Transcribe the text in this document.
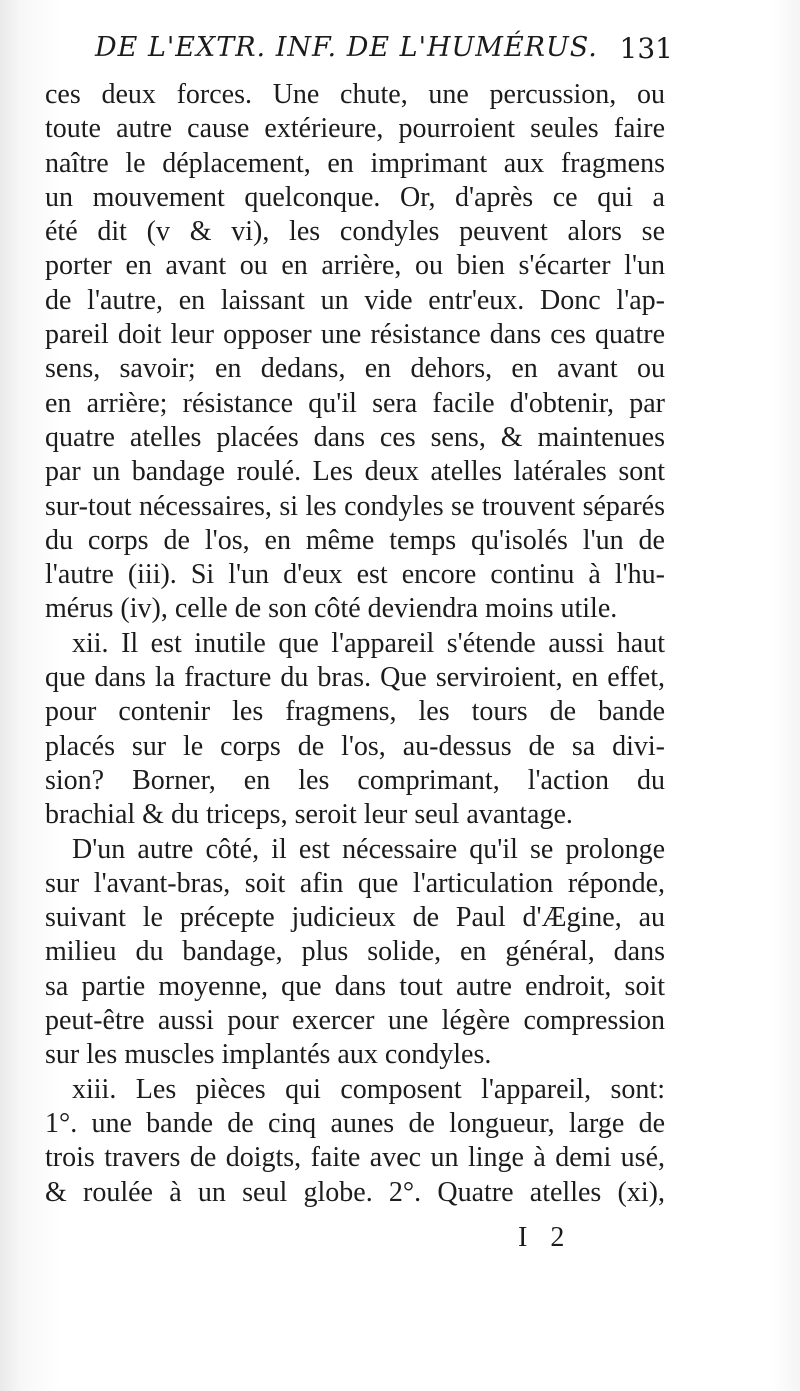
DE L'EXTR. INF. DE L'HUMÉRUS. 131
ces deux forces. Une chute, une percussion, ou
toute autre cause extérieure, pourroient seules faire
naître le déplacement, en imprimant aux fragmens
un mouvement quelconque. Or, d'après ce qui a
été dit (v & vi), les condyles peuvent alors se
porter en avant ou en arrière, ou bien s'écarter l'un
de l'autre, en laissant un vide entr'eux. Donc l'ap-
pareil doit leur opposer une résistance dans ces quatre
sens, savoir; en dedans, en dehors, en avant ou
en arrière; résistance qu'il sera facile d'obtenir, par
quatre atelles placées dans ces sens, & maintenues
par un bandage roulé. Les deux atelles latérales sont
sur-tout nécessaires, si les condyles se trouvent séparés
du corps de l'os, en même temps qu'isolés l'un de
l'autre (iii). Si l'un d'eux est encore continu à l'hu-
mérus (iv), celle de son côté deviendra moins utile.
xii. Il est inutile que l'appareil s'étende aussi haut
que dans la fracture du bras. Que serviroient, en effet,
pour contenir les fragmens, les tours de bande
placés sur le corps de l'os, au-dessus de sa divi-
sion? Borner, en les comprimant, l'action du
brachial & du triceps, seroit leur seul avantage.
D'un autre côté, il est nécessaire qu'il se prolonge
sur l'avant-bras, soit afin que l'articulation réponde,
suivant le précepte judicieux de Paul d'Ægine, au
milieu du bandage, plus solide, en général, dans
sa partie moyenne, que dans tout autre endroit, soit
peut-être aussi pour exercer une légère compression
sur les muscles implantés aux condyles.
xiii. Les pièces qui composent l'appareil, sont:
1°. une bande de cinq aunes de longueur, large de
trois travers de doigts, faite avec un linge à demi usé,
& roulée à un seul globe. 2°. Quatre atelles (xi),
I 2
